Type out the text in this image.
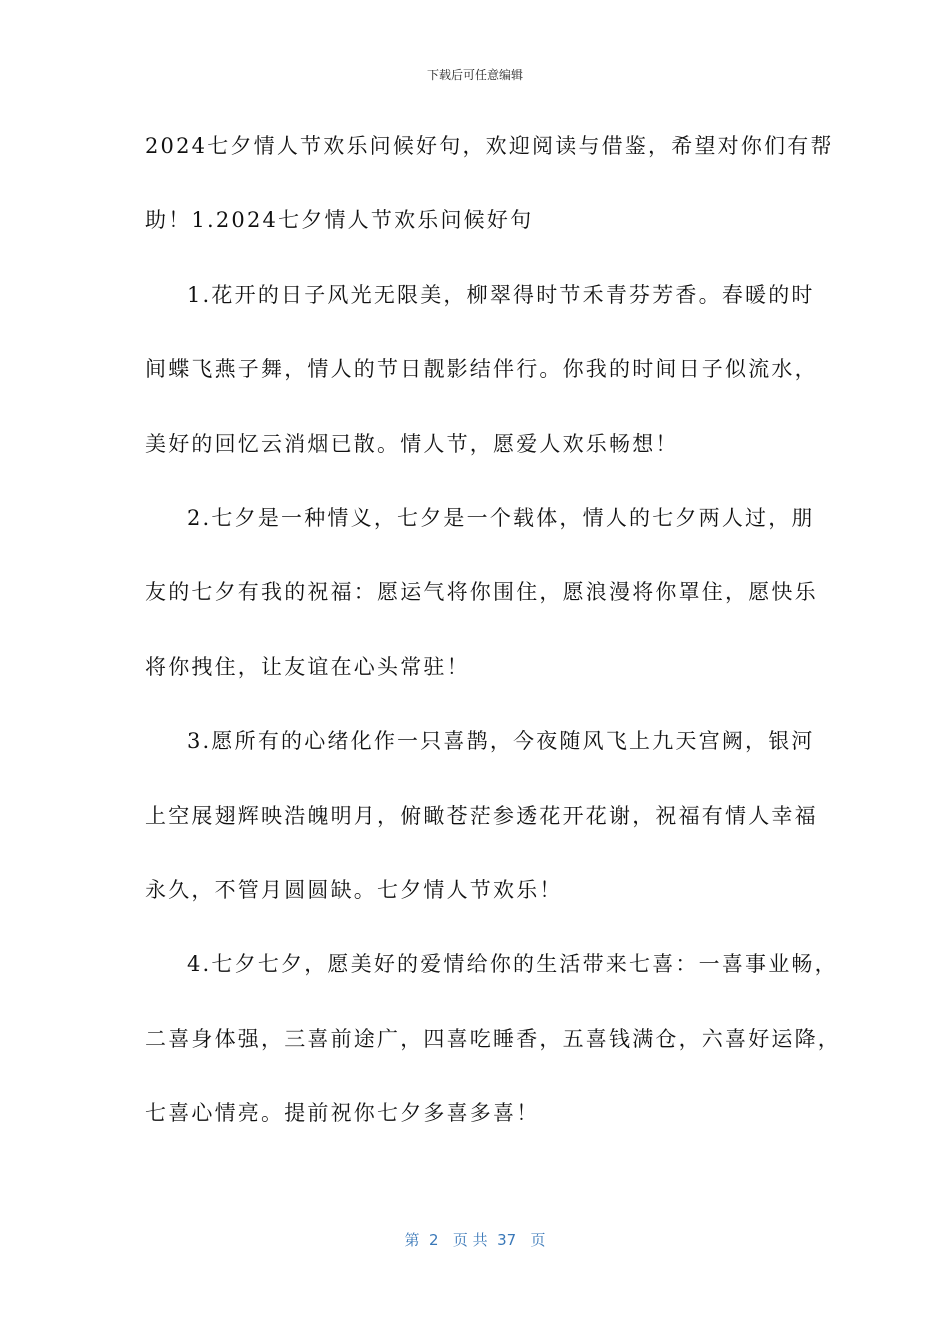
下载后可任意编辑
2024七夕情人节欢乐问候好句，欢迎阅读与借鉴，希望对你们有帮
助！1.2024七夕情人节欢乐问候好句
1.花开的日子风光无限美，柳翠得时节禾青芬芳香。春暖的时
间蝶飞燕子舞，情人的节日靓影结伴行。你我的时间日子似流水，
美好的回忆云消烟已散。情人节，愿爱人欢乐畅想！
2.七夕是一种情义，七夕是一个载体，情人的七夕两人过，朋
友的七夕有我的祝福：愿运气将你围住，愿浪漫将你罩住，愿快乐
将你拽住，让友谊在心头常驻！
3.愿所有的心绪化作一只喜鹊，今夜随风飞上九天宫阙，银河
上空展翅辉映浩魄明月，俯瞰苍茫参透花开花谢，祝福有情人幸福
永久，不管月圆圆缺。七夕情人节欢乐！
4.七夕七夕，愿美好的爱情给你的生活带来七喜：一喜事业畅，
二喜身体强，三喜前途广，四喜吃睡香，五喜钱满仓，六喜好运降，
七喜心情亮。提前祝你七夕多喜多喜！
第  2   页 共  37   页
